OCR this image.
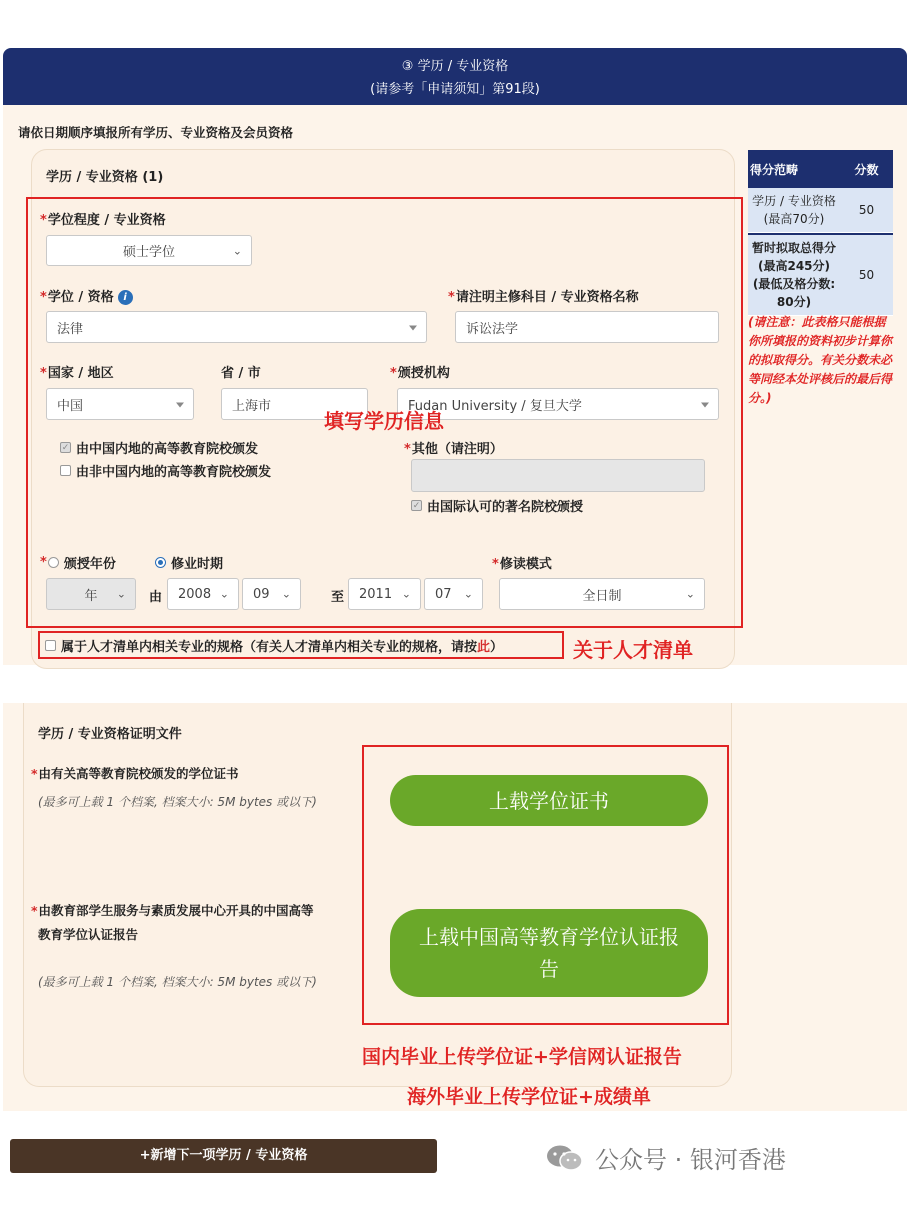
③ 学历 / 专业资格
(请参考「申请须知」第91段)
请依日期顺序填报所有学历、专业资格及会员资格
学历 / 专业资格 (1)
*学位程度 / 专业资格
硕士学位	⌄
*学位 / 资格 i
法律
*请注明主修科目 / 专业资格名称
诉讼法学
*国家 / 地区
中国
省 / 市
上海市
*颁授机构
Fudan University / 复旦大学
填写学历信息
✓ 由中国内地的高等教育院校颁发
由非中国内地的高等教育院校颁发
*其他（请注明）
✓ 由国际认可的著名院校颁授
* 颁授年份	修业时期	*修读模式
年 ⌄ 由 2008 ⌄ 09 ⌄	至 2011 ⌄ 07 ⌄	全日制	⌄
属于人才清单内相关专业的规格（有关人才清单内相关专业的规格，请按 此 ）	关于人才清单
得分范畴	分数
学历 / 专业资格 (最高70分)
50
暂时拟取总得分 (最高245分) (最低及格分数: 80分)
50
(请注意：此表格只能根据你所填报的资料初步计算你的拟取得分。有关分数未必等同经本处评核后的最后得分。)
学历 / 专业资格证明文件
*由有关高等教育院校颁发的学位证书
(最多可上载 1 个档案, 档案大小: 5M bytes 或以下)
*由教育部学生服务与素质发展中心开具的中国高等
教育学位认证报告
(最多可上载 1 个档案, 档案大小: 5M bytes 或以下)
上载学位证书
上载中国高等教育学位认证报
告
国内毕业上传学位证+学信网认证报告
海外毕业上传学位证+成绩单
+新增下一项学历 / 专业资格	公众号 · 银河香港
